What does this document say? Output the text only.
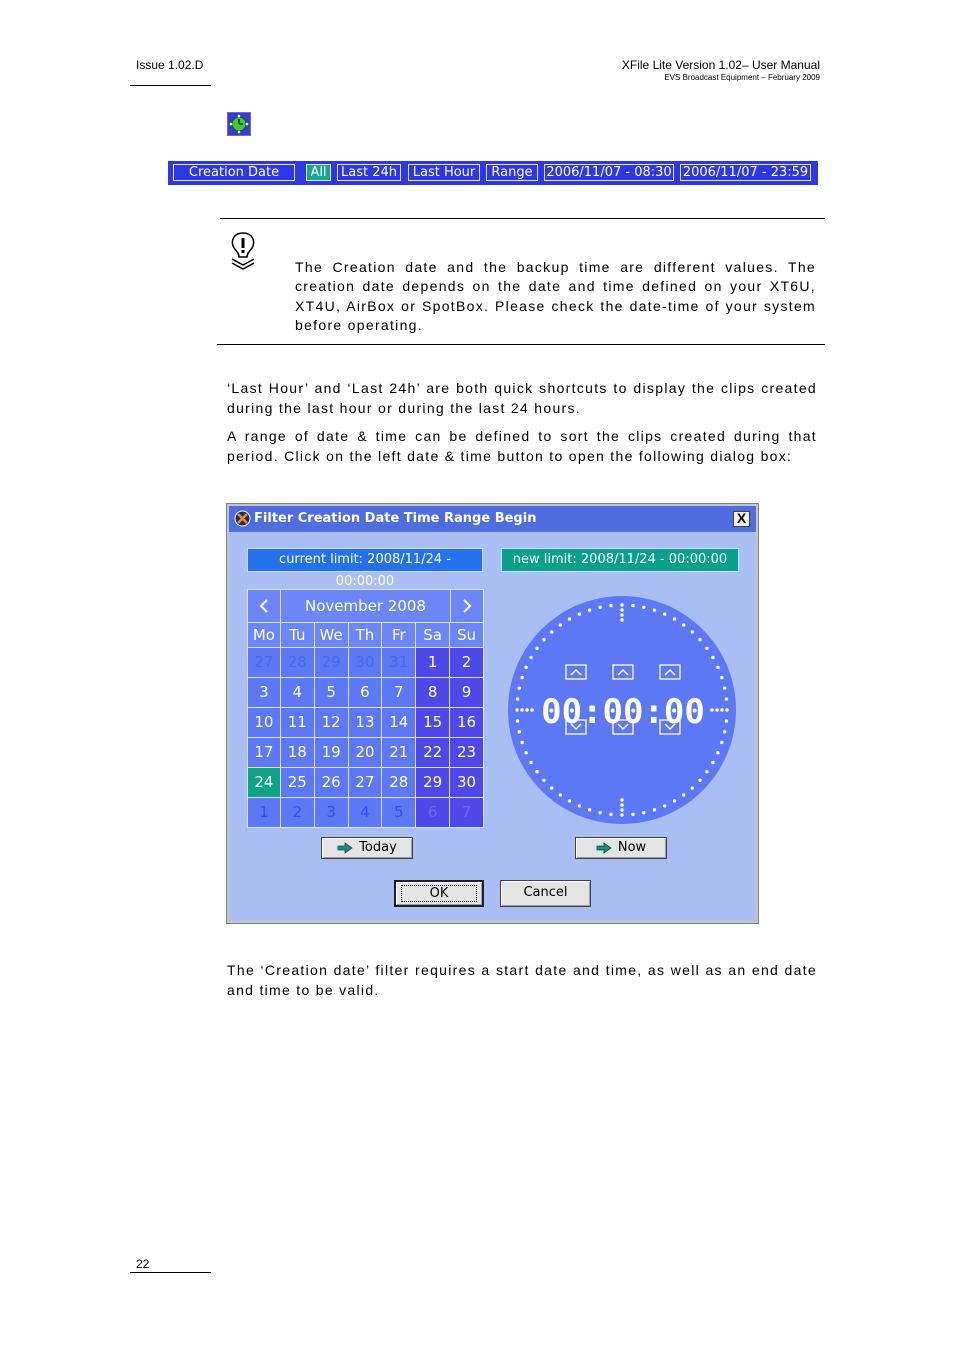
Issue 1.02.D	XFile Lite Version 1.02– User Manual
EVS Broadcast Equipment – February 2009
Creation Date	All	Last 24h	Last Hour	Range	2006/11/07 - 08:30 2006/11/07 - 23:59
The Creation date and the backup time are different values. The creation date depends on the date and time defined on your XT6U, XT4U, AirBox or SpotBox. Please check the date-time of your system before operating.
‘Last Hour’ and ‘Last 24h’ are both quick shortcuts to display the clips created during the last hour or during the last 24 hours.
A range of date & time can be defined to sort the clips created during that period. Click on the left date & time button to open the following dialog box:
Filter Creation Date Time Range Begin	X
current limit: 2008/11/24 - 00:00:00
new limit: 2008/11/24 - 00:00:00
November 2008
Mo Tu We Th	Fr	Sa Su
27 28 29 30 31	1	2
3	4	5	6	7	8	9
10 11 12 13 14 15 16
17 18 19 20 21 22 23
24 25 26 27 28 29 30
1	2	3	4	5	6	7
00:00:00
Today	Now
OK	Cancel
The ‘Creation date’ filter requires a start date and time, as well as an end date and time to be valid.
22
